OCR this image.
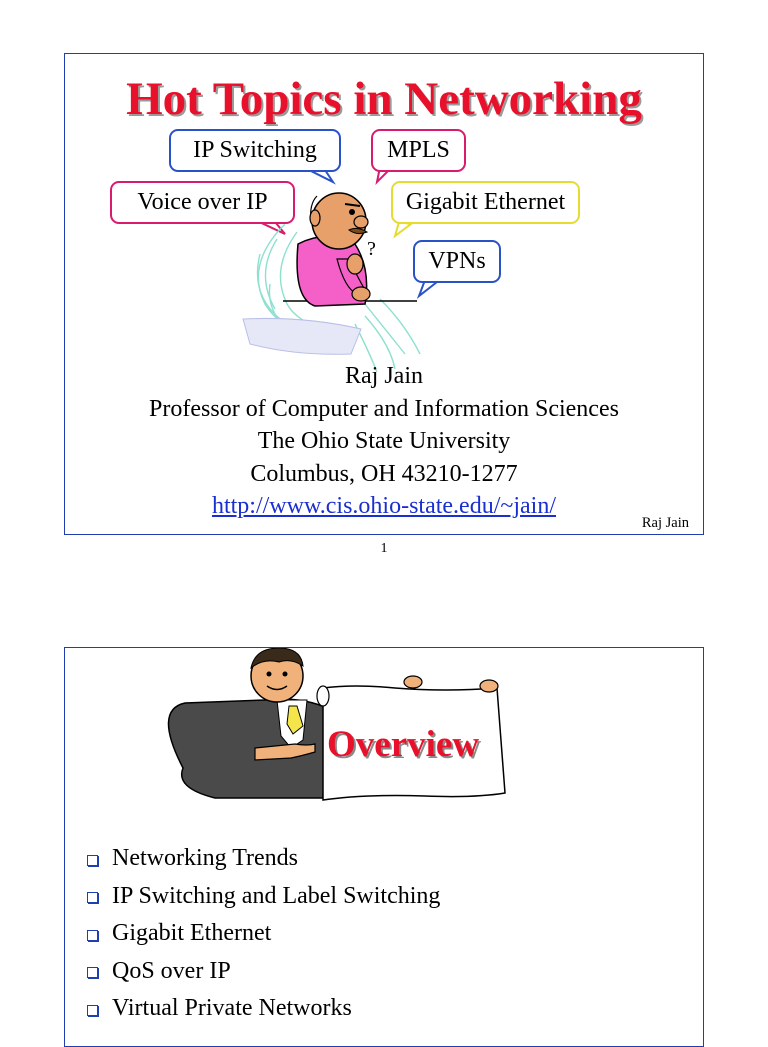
Hot Topics in Networking
?
IP Switching	MPLS
Voice over IP	Gigabit Ethernet
VPNs
Raj Jain
Professor of Computer and Information Sciences
The Ohio State University
Columbus, OH 43210-1277
http://www.cis.ohio-state.edu/~jain/
Raj Jain
1
Overview
Networking Trends
IP Switching and Label Switching
Gigabit Ethernet
QoS over IP
Virtual Private Networks
